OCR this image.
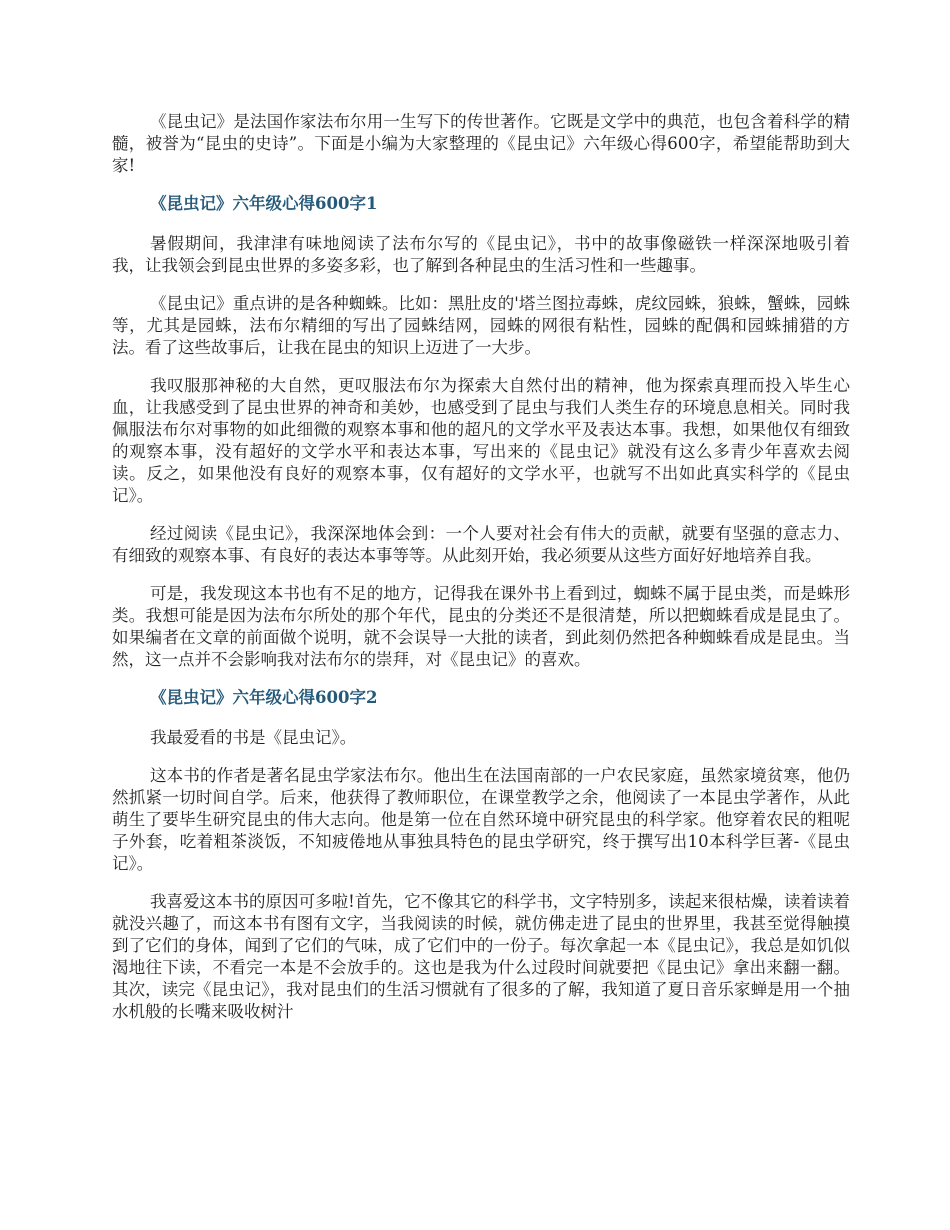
《昆虫记》是法国作家法布尔用一生写下的传世著作。它既是文学中的典范，也包含着科学的精髓，被誉为“昆虫的史诗”。下面是小编为大家整理的《昆虫记》六年级心得600字，希望能帮助到大家!

《昆虫记》六年级心得600字1

暑假期间，我津津有味地阅读了法布尔写的《昆虫记》，书中的故事像磁铁一样深深地吸引着我，让我领会到昆虫世界的多姿多彩，也了解到各种昆虫的生活习性和一些趣事。

《昆虫记》重点讲的是各种蜘蛛。比如：黑肚皮的'塔兰图拉毒蛛，虎纹园蛛，狼蛛，蟹蛛，园蛛等，尤其是园蛛，法布尔精细的写出了园蛛结网，园蛛的网很有粘性，园蛛的配偶和园蛛捕猎的方法。看了这些故事后，让我在昆虫的知识上迈进了一大步。

我叹服那神秘的大自然，更叹服法布尔为探索大自然付出的精神，他为探索真理而投入毕生心血，让我感受到了昆虫世界的神奇和美妙，也感受到了昆虫与我们人类生存的环境息息相关。同时我佩服法布尔对事物的如此细微的观察本事和他的超凡的文学水平及表达本事。我想，如果他仅有细致的观察本事，没有超好的文学水平和表达本事，写出来的《昆虫记》就没有这么多青少年喜欢去阅读。反之，如果他没有良好的观察本事，仅有超好的文学水平，也就写不出如此真实科学的《昆虫记》。

经过阅读《昆虫记》，我深深地体会到：一个人要对社会有伟大的贡献，就要有坚强的意志力、有细致的观察本事、有良好的表达本事等等。从此刻开始，我必须要从这些方面好好地培养自我。

可是，我发现这本书也有不足的地方，记得我在课外书上看到过，蜘蛛不属于昆虫类，而是蛛形类。我想可能是因为法布尔所处的那个年代，昆虫的分类还不是很清楚，所以把蜘蛛看成是昆虫了。如果编者在文章的前面做个说明，就不会误导一大批的读者，到此刻仍然把各种蜘蛛看成是昆虫。当然，这一点并不会影响我对法布尔的崇拜，对《昆虫记》的喜欢。

《昆虫记》六年级心得600字2

我最爱看的书是《昆虫记》。

这本书的作者是著名昆虫学家法布尔。他出生在法国南部的一户农民家庭，虽然家境贫寒，他仍然抓紧一切时间自学。后来，他获得了教师职位，在课堂教学之余，他阅读了一本昆虫学著作，从此萌生了要毕生研究昆虫的伟大志向。他是第一位在自然环境中研究昆虫的科学家。他穿着农民的粗呢子外套，吃着粗茶淡饭，不知疲倦地从事独具特色的昆虫学研究，终于撰写出10本科学巨著-《昆虫记》。

我喜爱这本书的原因可多啦!首先，它不像其它的科学书，文字特别多，读起来很枯燥，读着读着就没兴趣了，而这本书有图有文字，当我阅读的时候，就仿佛走进了昆虫的世界里，我甚至觉得触摸到了它们的身体，闻到了它们的气味，成了它们中的一份子。每次拿起一本《昆虫记》，我总是如饥似渴地往下读，不看完一本是不会放手的。这也是我为什么过段时间就要把《昆虫记》拿出来翻一翻。其次，读完《昆虫记》，我对昆虫们的生活习惯就有了很多的了解，我知道了夏日音乐家蝉是用一个抽水机般的长嘴来吸收树汁
